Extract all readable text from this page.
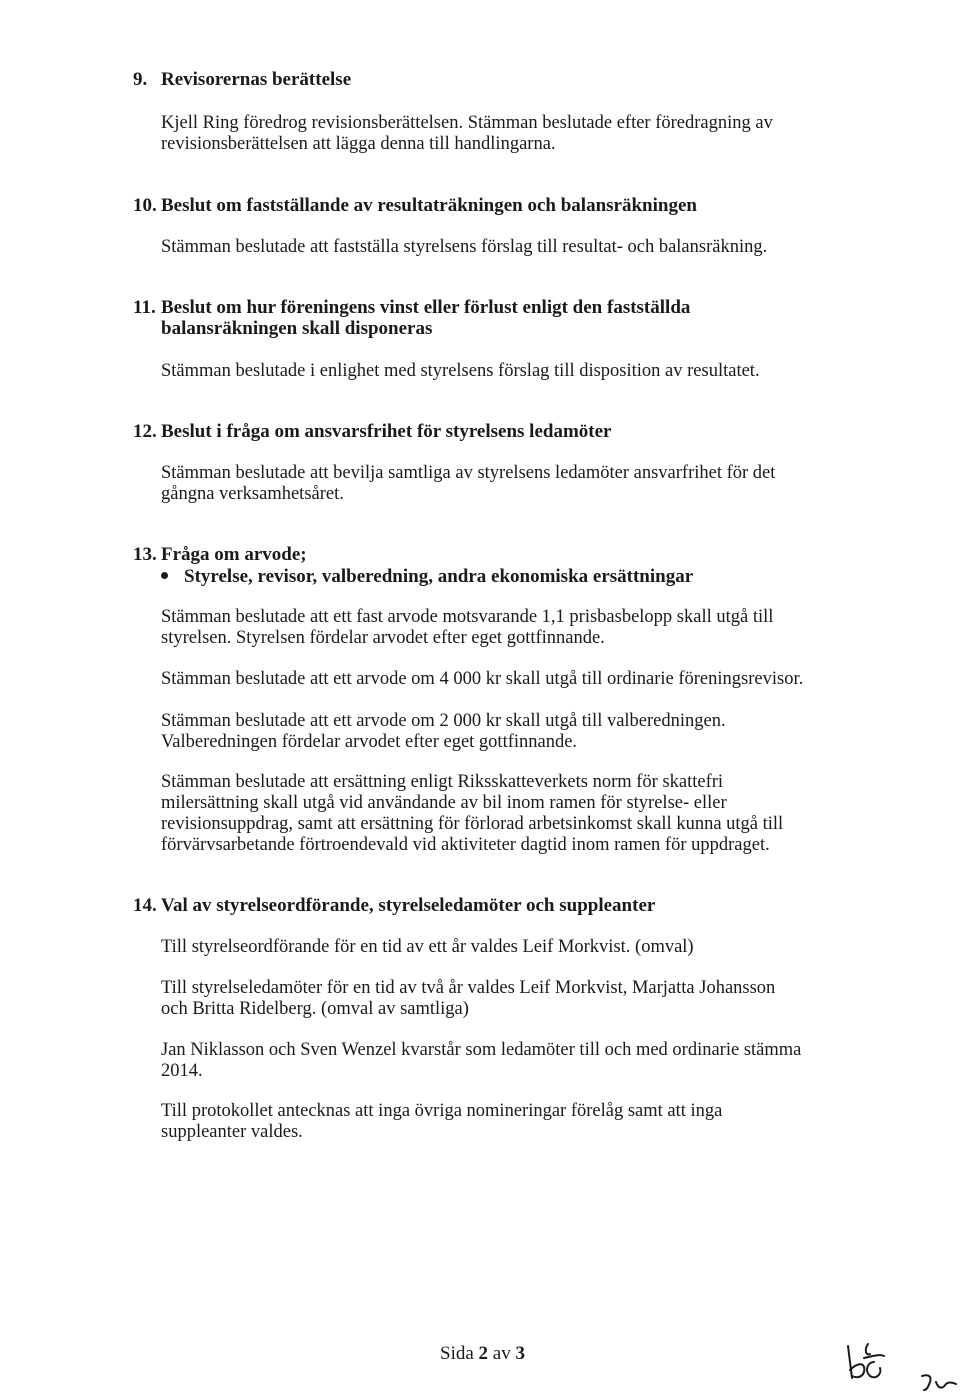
9. Revisorernas berättelse
Kjell Ring föredrog revisionsberättelsen. Stämman beslutade efter föredragning av
revisionsberättelsen att lägga denna till handlingarna.
10. Beslut om fastställande av resultaträkningen och balansräkningen
Stämman beslutade att fastställa styrelsens förslag till resultat- och balansräkning.
11. Beslut om hur föreningens vinst eller förlust enligt den fastställda
balansräkningen skall disponeras
Stämman beslutade i enlighet med styrelsens förslag till disposition av resultatet.
12. Beslut i fråga om ansvarsfrihet för styrelsens ledamöter
Stämman beslutade att bevilja samtliga av styrelsens ledamöter ansvarfrihet för det
gångna verksamhetsåret.
13. Fråga om arvode;
Styrelse, revisor, valberedning, andra ekonomiska ersättningar
Stämman beslutade att ett fast arvode motsvarande 1,1 prisbasbelopp skall utgå till
styrelsen. Styrelsen fördelar arvodet efter eget gottfinnande.
Stämman beslutade att ett arvode om 4 000 kr skall utgå till ordinarie föreningsrevisor.
Stämman beslutade att ett arvode om 2 000 kr skall utgå till valberedningen.
Valberedningen fördelar arvodet efter eget gottfinnande.
Stämman beslutade att ersättning enligt Riksskatteverkets norm för skattefri
milersättning skall utgå vid användande av bil inom ramen för styrelse- eller
revisionsuppdrag, samt att ersättning för förlorad arbetsinkomst skall kunna utgå till
förvärvsarbetande förtroendevald vid aktiviteter dagtid inom ramen för uppdraget.
14. Val av styrelseordförande, styrelseledamöter och suppleanter
Till styrelseordförande för en tid av ett år valdes Leif Morkvist. (omval)
Till styrelseledamöter för en tid av två år valdes Leif Morkvist, Marjatta Johansson
och Britta Ridelberg. (omval av samtliga)
Jan Niklasson och Sven Wenzel kvarstår som ledamöter till och med ordinarie stämma
2014.
Till protokollet antecknas att inga övriga nomineringar förelåg samt att inga
suppleanter valdes.
Sida 2 av 3
